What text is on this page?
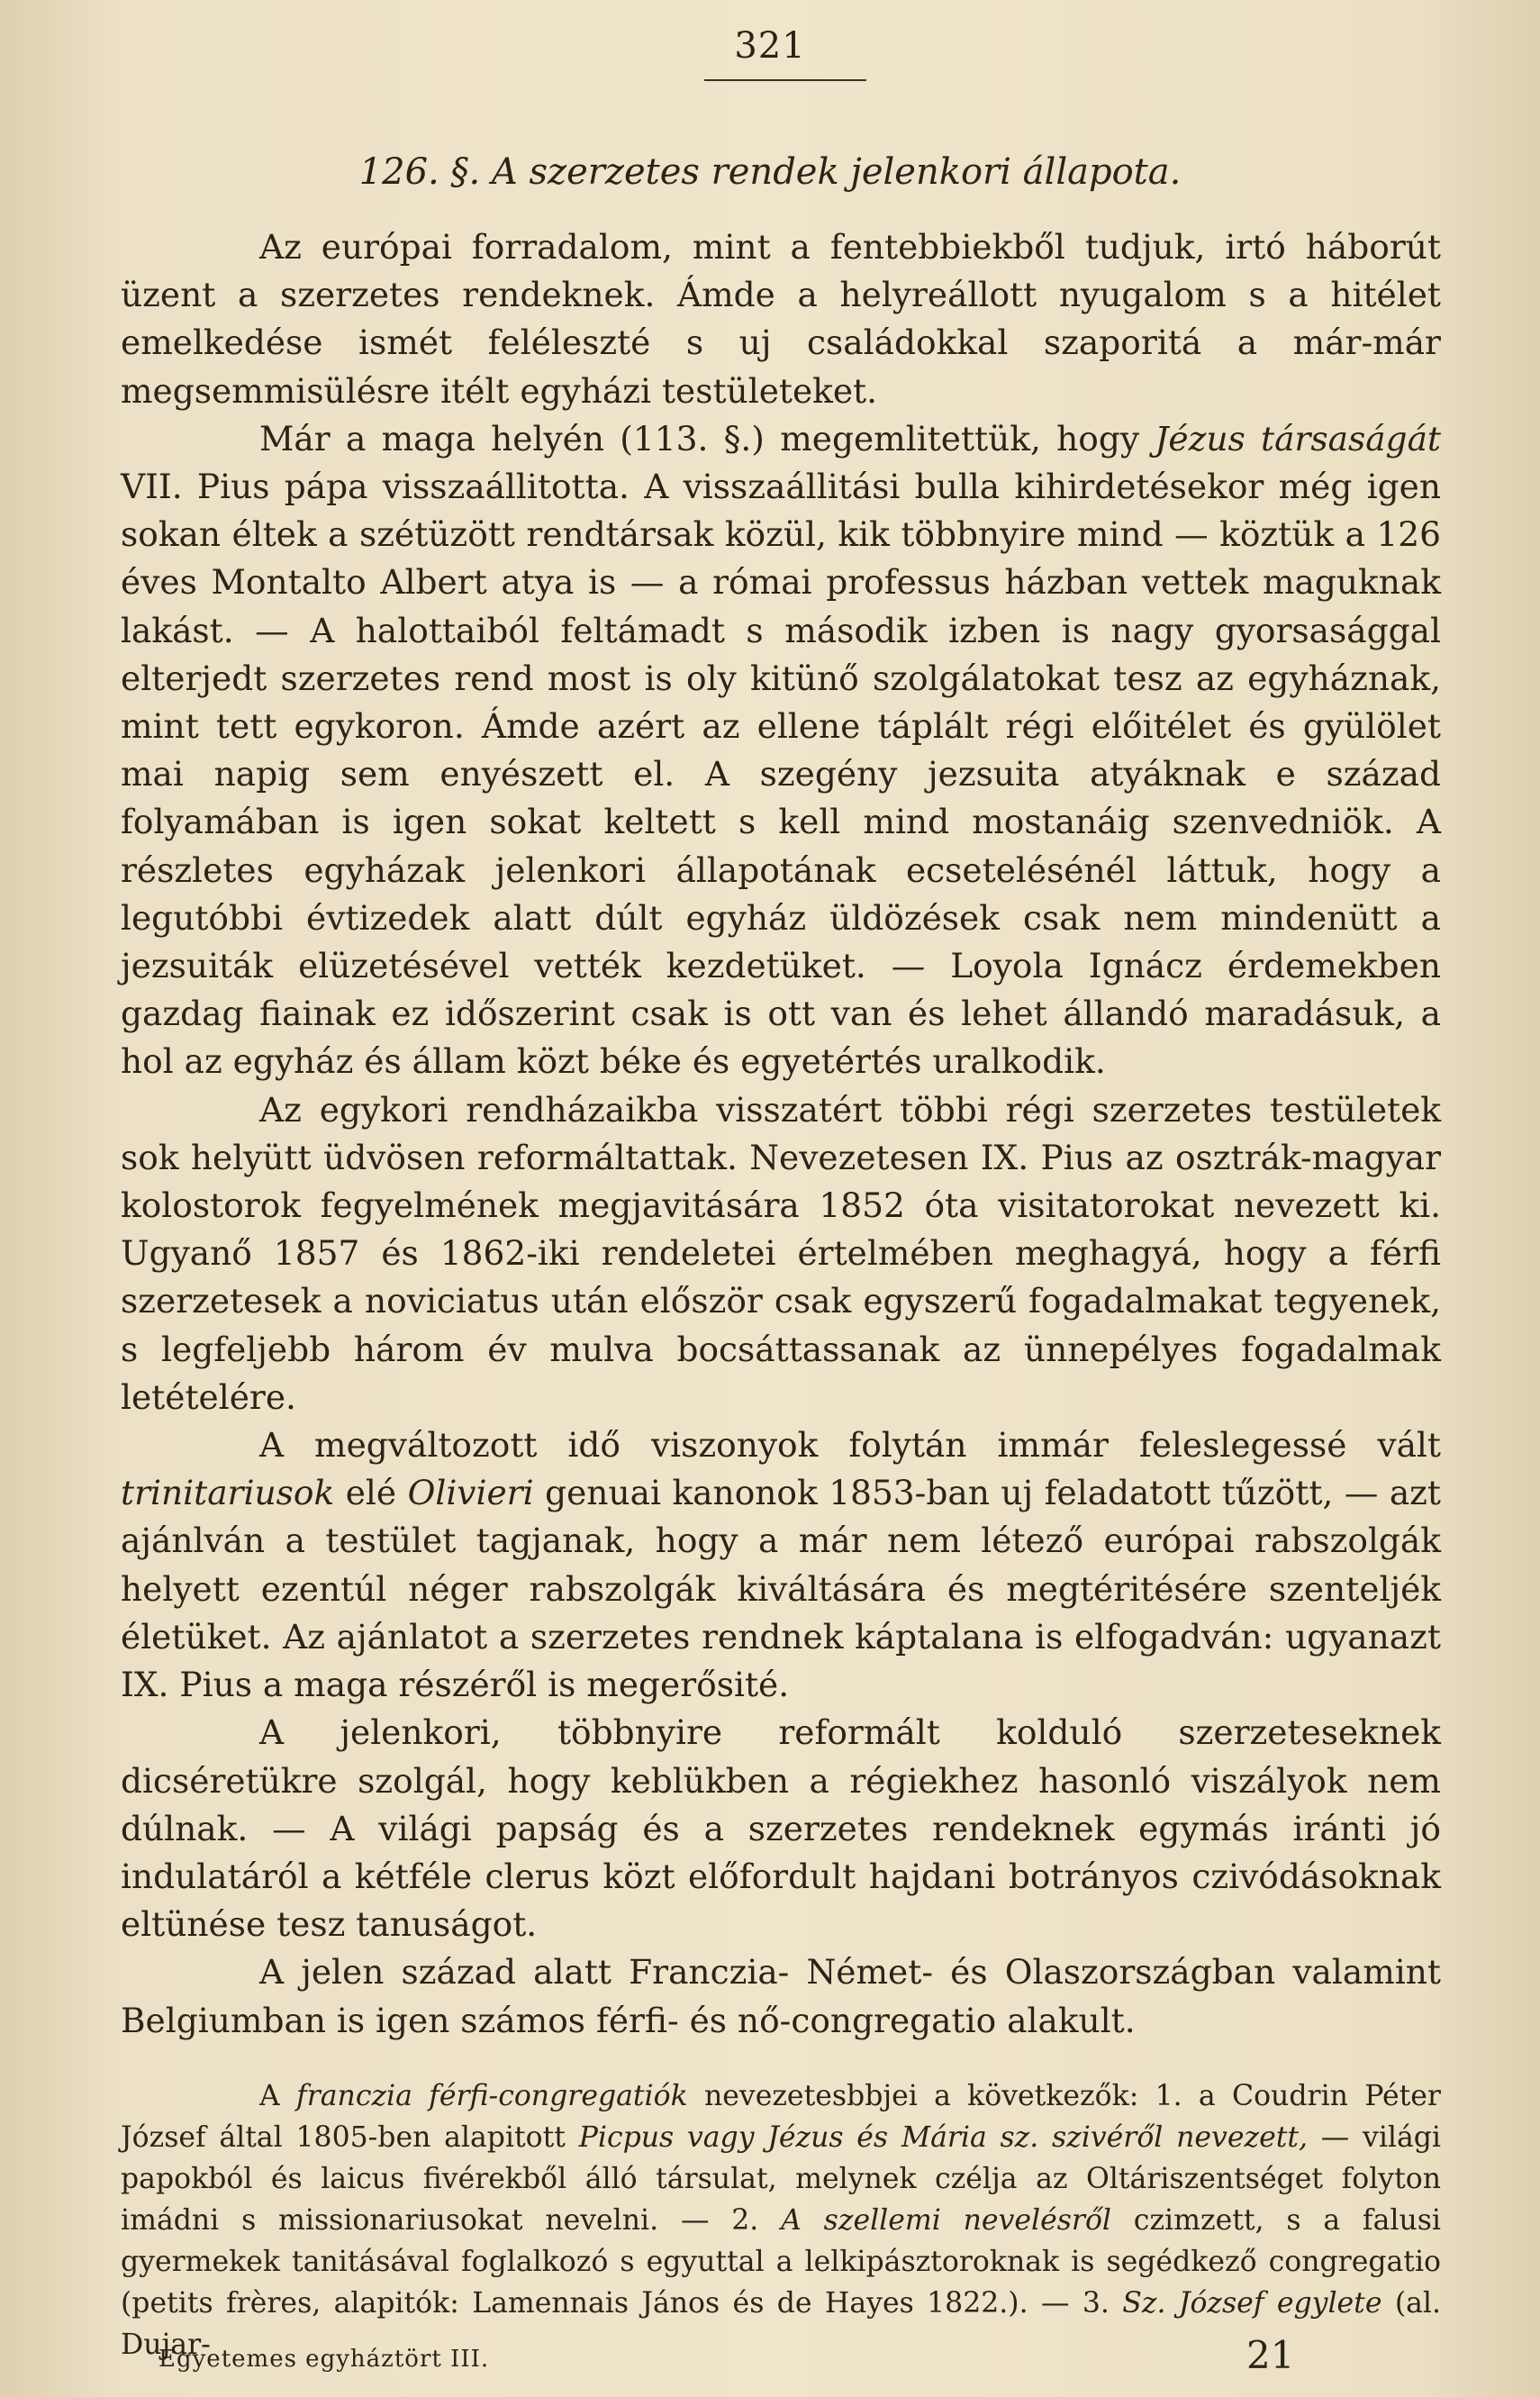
321
126. §. A szerzetes rendek jelenkori állapota.

Az európai forradalom, mint a fentebbiekből tudjuk, irtó háborút üzent a szerzetes rendeknek. Ámde a helyreállott nyugalom s a hitélet emelkedése ismét feléleszté s uj családokkal szaporitá a már-már megsemmisülésre itélt egyházi testületeket.

Már a maga helyén (113. §.) megemlitettük, hogy Jézus társaságát VII. Pius pápa visszaállitotta. A visszaállitási bulla kihirdetésekor még igen sokan éltek a szétüzött rendtársak közül, kik többnyire mind — köztük a 126 éves Montalto Albert atya is — a római professus házban vettek maguknak lakást. — A halottaiból feltámadt s második izben is nagy gyorsasággal elterjedt szerzetes rend most is oly kitünő szolgálatokat tesz az egyháznak, mint tett egykoron. Ámde azért az ellene táplált régi előitélet és gyülölet mai napig sem enyészett el. A szegény jezsuita atyáknak e század folyamában is igen sokat keltett s kell mind mostanáig szenvedniök. A részletes egyházak jelenkori állapotának ecsetelésénél láttuk, hogy a legutóbbi évtizedek alatt dúlt egyház üldözések csak nem mindenütt a jezsuiták elüzetésével vették kezdetüket. — Loyola Ignácz érdemekben gazdag fiainak ez időszerint csak is ott van és lehet állandó maradásuk, a hol az egyház és állam közt béke és egyetértés uralkodik.

Az egykori rendházaikba visszatért többi régi szerzetes testületek sok helyütt üdvösen reformáltattak. Nevezetesen IX. Pius az osztrák-magyar kolostorok fegyelmének megjavitására 1852 óta visitatorokat nevezett ki. Ugyanő 1857 és 1862-iki rendeletei értelmében meghagyá, hogy a férfi szerzetesek a noviciatus után először csak egyszerű fogadalmakat tegyenek, s legfeljebb három év mulva bocsáttassanak az ünnepélyes fogadalmak letételére.

A megváltozott idő viszonyok folytán immár feleslegessé vált trinitariusok elé Olivieri genuai kanonok 1853-ban uj feladatott tűzött, — azt ajánlván a testület tagjanak, hogy a már nem létező európai rabszolgák helyett ezentúl néger rabszolgák kiváltására és megtéritésére szenteljék életüket. Az ajánlatot a szerzetes rendnek káptalana is elfogadván: ugyanazt IX. Pius a maga részéről is megerősité.

A jelenkori, többnyire reformált kolduló szerzeteseknek dicséretükre szolgál, hogy keblükben a régiekhez hasonló viszályok nem dúlnak. — A világi papság és a szerzetes rendeknek egymás iránti jó indulatáról a kétféle clerus közt előfordult hajdani botrányos czivódásoknak eltünése tesz tanuságot.

A jelen század alatt Franczia- Német- és Olaszországban valamint Belgiumban is igen számos férfi- és nő-congregatio alakult.

A franczia férfi-congregatiók nevezetesbbjei a következők: 1. a Coudrin Péter József által 1805-ben alapitott Picpus vagy Jézus és Mária sz. szivéről nevezett, — világi papokból és laicus fivérekből álló társulat, melynek czélja az Oltáriszentséget folyton imádni s missionariusokat nevelni. — 2. A szellemi nevelésről czimzett, s a falusi gyermekek tanitásával foglalkozó s egyuttal a lelkipásztoroknak is segédkező congregatio (petits frères, alapitók: Lamennais János és de Hayes 1822.). — 3. Sz. József egylete (al. Dujar-

Egyetemes egyháztört III.	21
